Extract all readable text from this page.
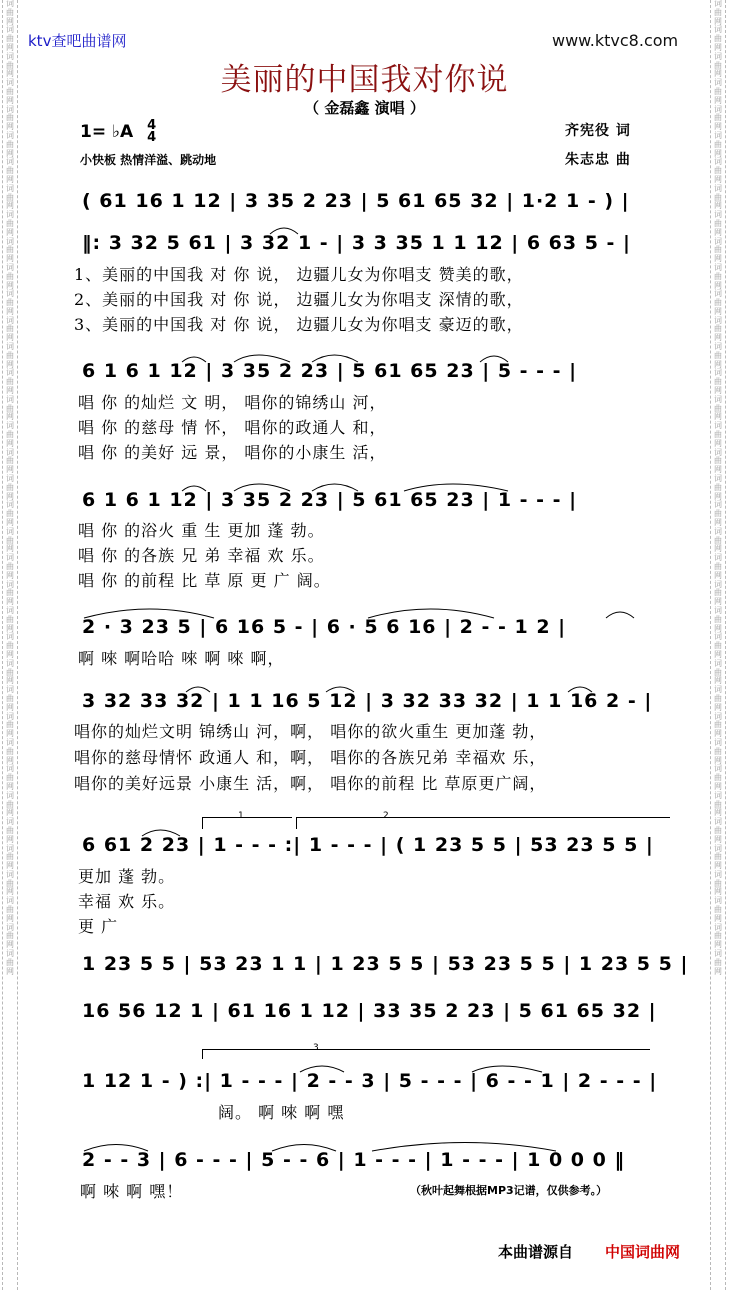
词曲网词曲网词曲网词曲网词曲网词曲网词曲网词曲网词曲网词曲网词曲网词曲网词曲网词曲网词曲网词曲网词曲网词曲网词曲网词曲网词曲网词曲网词曲网词曲网词曲网词曲网词曲网词曲网词曲网词曲网词曲网词曲网词曲网词曲网词曲网词曲网词曲网
词曲网词曲网词曲网词曲网词曲网词曲网词曲网词曲网词曲网词曲网词曲网词曲网词曲网词曲网词曲网词曲网词曲网词曲网词曲网词曲网词曲网词曲网词曲网词曲网词曲网词曲网词曲网词曲网词曲网词曲网词曲网词曲网词曲网词曲网词曲网词曲网词曲网
ktv查吧曲谱网	www.ktvc8.com
美丽的中国我对你说
（ 金磊鑫 演唱 ）
1= ♭A 4
4
小快板 热情洋溢、跳动地
齐宪役 词
朱志忠 曲
( 61 16 1 12 | 3 35 2 23 | 5 61 65 32 | 1·2 1 - ) |
‖: 3 32 5 61 | 3 32 1 - | 3 3 35 1 1 12 | 6 63 5 - |
1、美丽的中国我 对 你 说， 边疆儿女为你唱支 赞美的歌，
2、美丽的中国我 对 你 说， 边疆儿女为你唱支 深情的歌，
3、美丽的中国我 对 你 说， 边疆儿女为你唱支 豪迈的歌，
6 1 6 1 12 | 3 35 2 23 | 5 61 65 23 | 5 - - - |
唱 你 的灿烂 文 明， 唱你的锦绣山 河，
唱 你 的慈母 情 怀， 唱你的政通人 和，
唱 你 的美好 远 景， 唱你的小康生 活，
6 1 6 1 12 | 3 35 2 23 | 5 61 65 23 | 1 - - - |
唱 你 的浴火 重 生 更加 蓬 勃。
唱 你 的各族 兄 弟 幸福 欢 乐。
唱 你 的前程 比 草 原 更 广 阔。
2 · 3 23 5 | 6 16 5 - | 6 · 5 6 16 | 2 - - 1 2 |
啊 唻 啊哈哈 唻 啊 唻 啊，
3 32 33 32 | 1 1 16 5 12 | 3 32 33 32 | 1 1 16 2 - |
唱你的灿烂文明 锦绣山 河，啊， 唱你的欲火重生 更加蓬 勃，
唱你的慈母情怀 政通人 和，啊， 唱你的各族兄弟 幸福欢 乐，
唱你的美好远景 小康生 活，啊， 唱你的前程 比 草原更广阔，
1	2
6 61 2 23 | 1 - - - :| 1 - - - | ( 1 23 5 5 | 53 23 5 5 |
更加 蓬 勃。
幸福 欢 乐。
更 广
1 23 5 5 | 53 23 1 1 | 1 23 5 5 | 53 23 5 5 | 1 23 5 5 |
16 56 12 1 | 61 16 1 12 | 33 35 2 23 | 5 61 65 32 |
3
1 12 1 - ) :| 1 - - - | 2 - - 3 | 5 - - - | 6 - - 1 | 2 - - - |
阔。 啊 唻 啊 嘿
2 - - 3 | 6 - - - | 5 - - 6 | 1 - - - | 1 - - - | 1 0 0 0 ‖
啊 唻 啊 嘿！	（秋叶起舞根据MP3记谱，仅供参考。）
本曲谱源自 中国词曲网
